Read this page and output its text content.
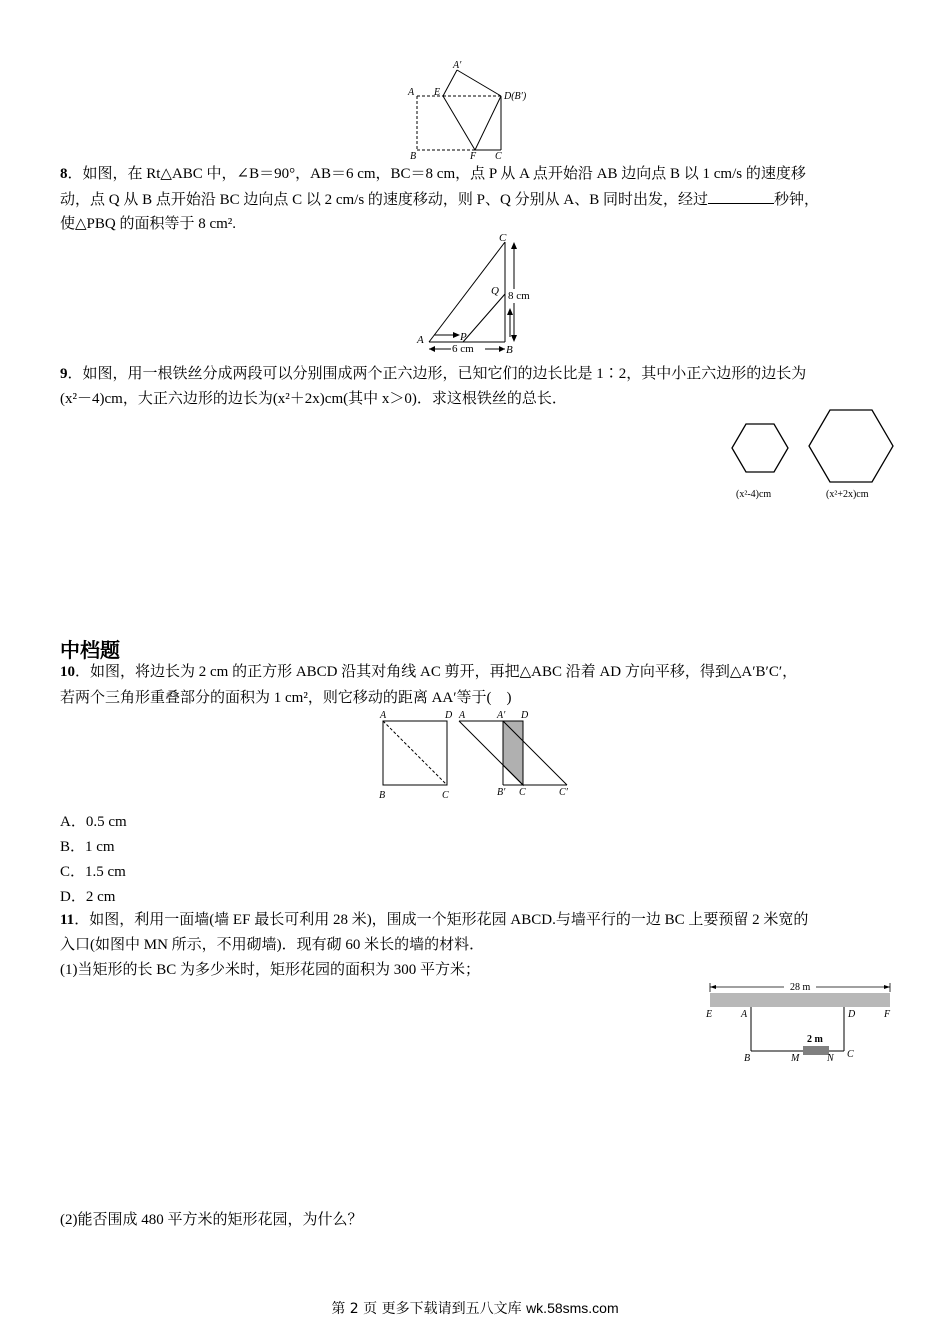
A′
A E	D(B′)
B	F C
8．如图，在 Rt△ABC 中，∠B＝90°，AB＝6 cm，BC＝8 cm，点 P 从 A 点开始沿 AB 边向点 B 以 1 cm/s 的速度移
动，点 Q 从 B 点开始沿 BC 边向点 C 以 2 cm/s 的速度移动，则 P、Q 分别从 A、B 同时出发，经过	秒钟，
使△PBQ 的面积等于 8 cm².
C
Q
A	P
B
8 cm
6 cm
9．如图，用一根铁丝分成两段可以分别围成两个正六边形，已知它们的边长比是 1∶2，其中小正六边形的边长为
(x²－4)cm，大正六边形的边长为(x²＋2x)cm(其中 x＞0)．求这根铁丝的总长．
(x²-4)cm	(x²+2x)cm
中档题
10．如图，将边长为 2 cm 的正方形 ABCD 沿其对角线 AC 剪开，再把△ABC 沿着 AD 方向平移，得到△A′B′C′，
若两个三角形重叠部分的面积为 1 cm²，则它移动的距离 AA′等于(　)
A	D
B	C
A	A′ D
B′ C	C′
A．0.5 cm
B．1 cm
C．1.5 cm
D．2 cm
11．如图，利用一面墙(墙 EF 最长可利用 28 米)，围成一个矩形花园 ABCD.与墙平行的一边 BC 上要预留 2 米宽的
入口(如图中 MN 所示，不用砌墙)．现有砌 60 米长的墙的材料．
(1)当矩形的长 BC 为多少米时，矩形花园的面积为 300 平方米；
28 m
E	A	D	F
2 m
B	M	N C
(2)能否围成 480 平方米的矩形花园，为什么？
第 2 页 更多下载请到五八文库 wk.58sms.com
